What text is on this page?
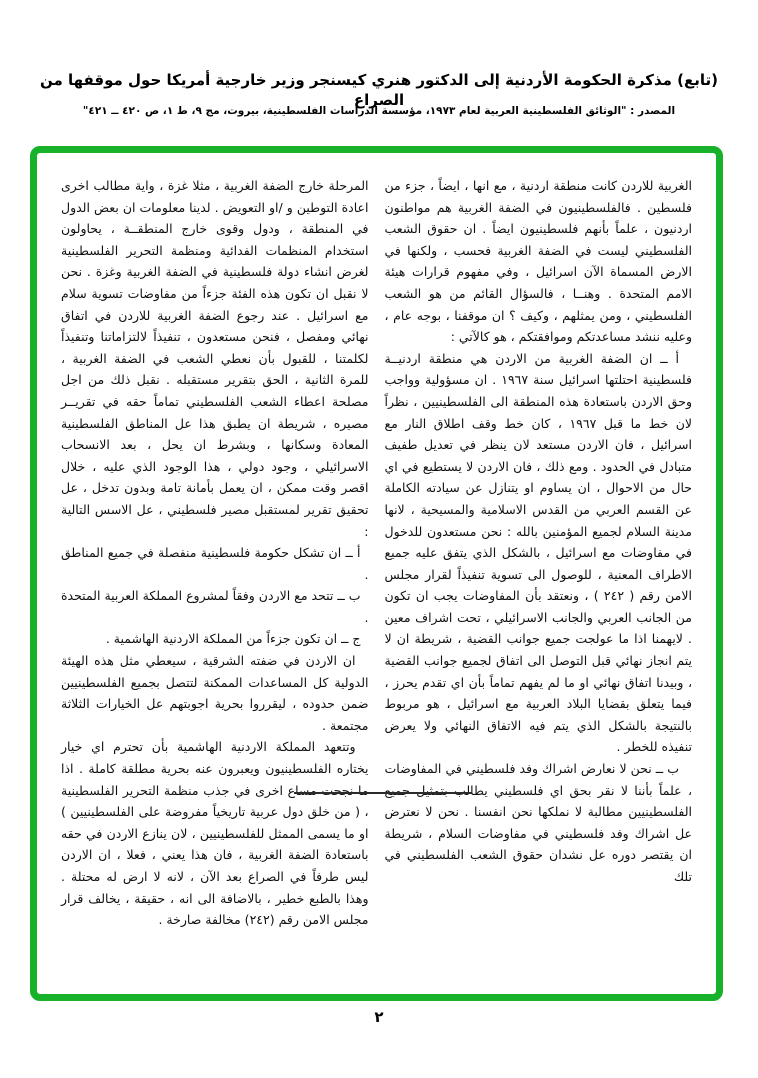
(تابع) مذكرة الحكومة الأردنية إلى الدكتور هنري كيسنجر وزير خارجية أمريكا حول موقفها من الصراع
المصدر : "الوثائق الفلسطينية العربية لعام ١٩٧٣، مؤسسة الدراسات الفلسطينية، بيروت، مج ٩، ط ١، ص ٤٢٠ ــ ٤٢١"

الغربية للاردن كانت منطقة اردنية ، مع انها ، ايضاً ، جزء من فلسطين . فالفلسطينيون في الضفة الغربية هم مواطنون اردنيون ، علماً بأنهم فلسطينيون ايضاً . ان حقوق الشعب الفلسطيني ليست في الضفة الغربية فحسب ، ولكنها في الارض المسماة الآن اسرائيل ، وفي مفهوم قرارات هيئة الامم المتحدة . وهنــا ، فالسؤال القائم من هو الشعب الفلسطيني ، ومن يمثلهم ، وكيف ؟ ان موقفنا ، بوجه عام ، وعليه ننشد مساعدتكم وموافقتكم ، هو كالآتي :

أ ــ ان الضفة الغربية من الاردن هي منطقة اردنيــة فلسطينية احتلتها اسرائيل سنة ١٩٦٧ . ان مسؤولية وواجب وحق الاردن باستعادة هذه المنطقة الى الفلسطينيين ، نظراً لان خط ما قبل ١٩٦٧ ، كان خط وقف اطلاق النار مع اسرائيل ، فان الاردن مستعد لان ينظر في تعديل طفيف متبادل في الحدود . ومع ذلك ، فان الاردن لا يستطيع في اي حال من الاحوال ، ان يساوم او يتنازل عن سيادته الكاملة عن القسم العربي من القدس الاسلامية والمسيحية ، لانها مدينة السلام لجميع المؤمنين بالله : نحن مستعدون للدخول في مفاوضات مع اسرائيل ، بالشكل الذي يتفق عليه جميع الاطراف المعنية ، للوصول الى تسوية تنفيذاً لقرار مجلس الامن رقم ( ٢٤٢ ) ، ونعتقد بأن المفاوضات يجب ان تكون من الجانب العربي والجانب الاسرائيلي ، تحت اشراف معين . لايهمنا اذا ما عولجت جميع جوانب القضية ، شريطة ان لا يتم انجاز نهائي قبل التوصل الى اتفاق لجميع جوانب القضية ، وبيدنا اتفاق نهائي او ما لم يفهم تماماً بأن اي تقدم يحرز ، فيما يتعلق بقضايا البلاد العربية مع اسرائيل ، هو مربوط بالنتيجة بالشكل الذي يتم فيه الاتفاق النهائي ولا يعرض تنفيذه للخطر .

ب ــ نحن لا نعارض اشراك وفد فلسطيني في المفاوضات ، علماً بأننا لا نقر بحق اي فلسطيني يطالب بتمثيل جميع الفلسطينيين مطالبة لا نملكها نحن انفسنا . نحن لا نعترض عل اشراك وفد فلسطيني في مفاوضات السلام ، شريطة ان يقتصر دوره عل نشدان حقوق الشعب الفلسطيني في تلك

المرحلة خارج الضفة الغربية ، مثلا غزة ، واية مطالب اخرى اعادة التوطين و /او التعويض . لدينا معلومات ان بعض الدول في المنطقة ، ودول وقوى خارج المنطقــة ، يحاولون استخدام المنظمات الفدائية ومنظمة التحرير الفلسطينية لغرض انشاء دولة فلسطينية في الضفة الغربية وغزة . نحن لا نقبل ان تكون هذه الفئة جزءاً من مفاوضات تسوية سلام مع اسرائيل . عند رجوع الضفة الغربية للاردن في اتفاق نهائي ومفصل ، فنحن مستعدون ، تنفيذاً لالتزاماتنا وتنفيذاً لكلمتنا ، للقبول بأن نعطي الشعب في الضفة الغربية ، للمرة الثانية ، الحق بتقرير مستقبله . نقبل ذلك من اجل مصلحة اعطاء الشعب الفلسطيني تماماً حقه في تقريــر مصيره ، شريطة ان يطبق هذا عل المناطق الفلسطينية المعادة وسكانها ، وبشرط ان يحل ، بعد الانسحاب الاسرائيلي ، وجود دولي ، هذا الوجود الذي عليه ، خلال اقصر وقت ممكن ، ان يعمل بأمانة تامة وبدون تدخل ، عل تحقيق تقرير لمستقبل مصير فلسطيني ، عل الاسس التالية :

أ ــ ان تشكل حكومة فلسطينية منفصلة في جميع المناطق .

ب ــ تتحد مع الاردن وفقاً لمشروع المملكة العربية المتحدة .

ج ــ ان تكون جزءاً من المملكة الاردنية الهاشمية .

ان الاردن في ضفته الشرقية ، سيعطي مثل هذه الهيئة الدولية كل المساعدات الممكنة لتتصل بجميع الفلسطينيين ضمن حدوده ، ليقرروا بحرية اجوبتهم عل الخيارات الثلاثة مجتمعة .

وتتعهد المملكة الاردنية الهاشمية بأن تحترم اي خيار يختاره الفلسطينيون ويعبرون عنه بحرية مطلقة كاملة . اذا ما نجحت مساع اخرى في جذب منظمة التحرير الفلسطينية ، ( من خلق دول عربية تاريخياً مفروضة على الفلسطينيين ) او ما يسمى الممثل للفلسطينيين ، لان ينازع الاردن في حقه باستعادة الضفة الغربية ، فان هذا يعني ، فعلا ، ان الاردن ليس طرفاً في الصراع بعد الآن ، لانه لا ارض له محتلة . وهذا بالطبع خطير ، بالاضافة الى انه ، حقيقة ، يخالف قرار مجلس الامن رقم (٢٤٢) مخالفة صارخة .

٢
